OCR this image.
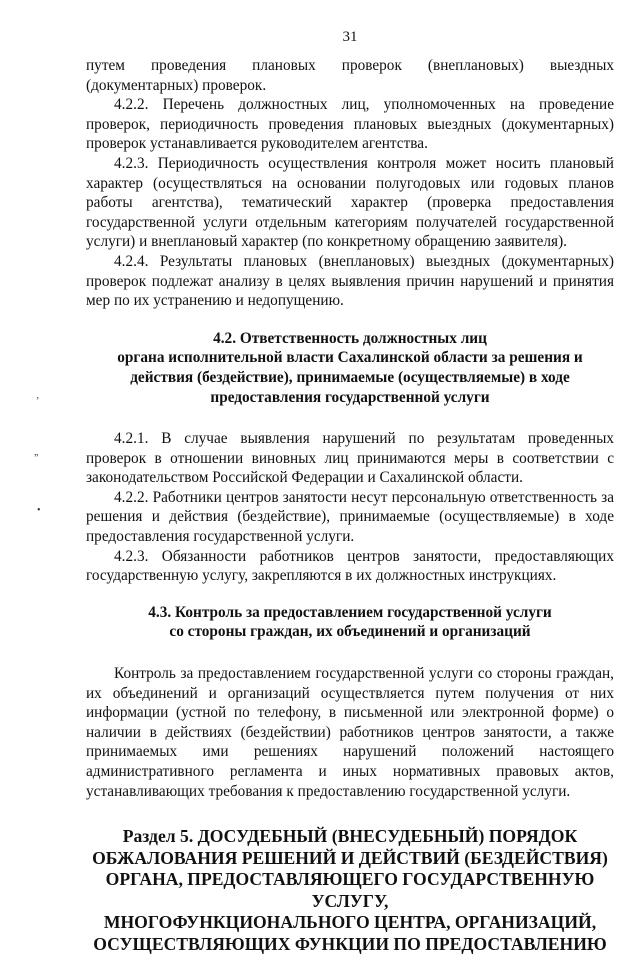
31

путем проведения плановых проверок (внеплановых) выездных (документарных) проверок.

4.2.2. Перечень должностных лиц, уполномоченных на проведение проверок, периодичность проведения плановых выездных (документарных) проверок устанавливается руководителем агентства.

4.2.3. Периодичность осуществления контроля может носить плановый характер (осуществляться на основании полугодовых или годовых планов работы агентства), тематический характер (проверка предоставления государственной услуги отдельным категориям получателей государственной услуги) и внеплановый характер (по конкретному обращению заявителя).

4.2.4. Результаты плановых (внеплановых) выездных (документарных) проверок подлежат анализу в целях выявления причин нарушений и принятия мер по их устранению и недопущению.

4.2. Ответственность должностных лиц
органа исполнительной власти Сахалинской области за решения и
действия (бездействие), принимаемые (осуществляемые) в ходе
предоставления государственной услуги

4.2.1. В случае выявления нарушений по результатам проведенных проверок в отношении виновных лиц принимаются меры в соответствии с законодательством Российской Федерации и Сахалинской области.

4.2.2. Работники центров занятости несут персональную ответственность за решения и действия (бездействие), принимаемые (осуществляемые) в ходе предоставления государственной услуги.

4.2.3. Обязанности работников центров занятости, предоставляющих государственную услугу, закрепляются в их должностных инструкциях.

4.3. Контроль за предоставлением государственной услуги
со стороны граждан, их объединений и организаций

Контроль за предоставлением государственной услуги со стороны граждан, их объединений и организаций осуществляется путем получения от них информации (устной по телефону, в письменной или электронной форме) о наличии в действиях (бездействии) работников центров занятости, а также принимаемых ими решениях нарушений положений настоящего административного регламента и иных нормативных правовых актов, устанавливающих требования к предоставлению государственной услуги.

Раздел 5. ДОСУДЕБНЫЙ (ВНЕСУДЕБНЫЙ) ПОРЯДОК
ОБЖАЛОВАНИЯ РЕШЕНИЙ И ДЕЙСТВИЙ (БЕЗДЕЙСТВИЯ)
ОРГАНА, ПРЕДОСТАВЛЯЮЩЕГО ГОСУДАРСТВЕННУЮ УСЛУГУ,
МНОГОФУНКЦИОНАЛЬНОГО ЦЕНТРА, ОРГАНИЗАЦИЙ,
ОСУЩЕСТВЛЯЮЩИХ ФУНКЦИИ ПО ПРЕДОСТАВЛЕНИЮ
‚
„
•
